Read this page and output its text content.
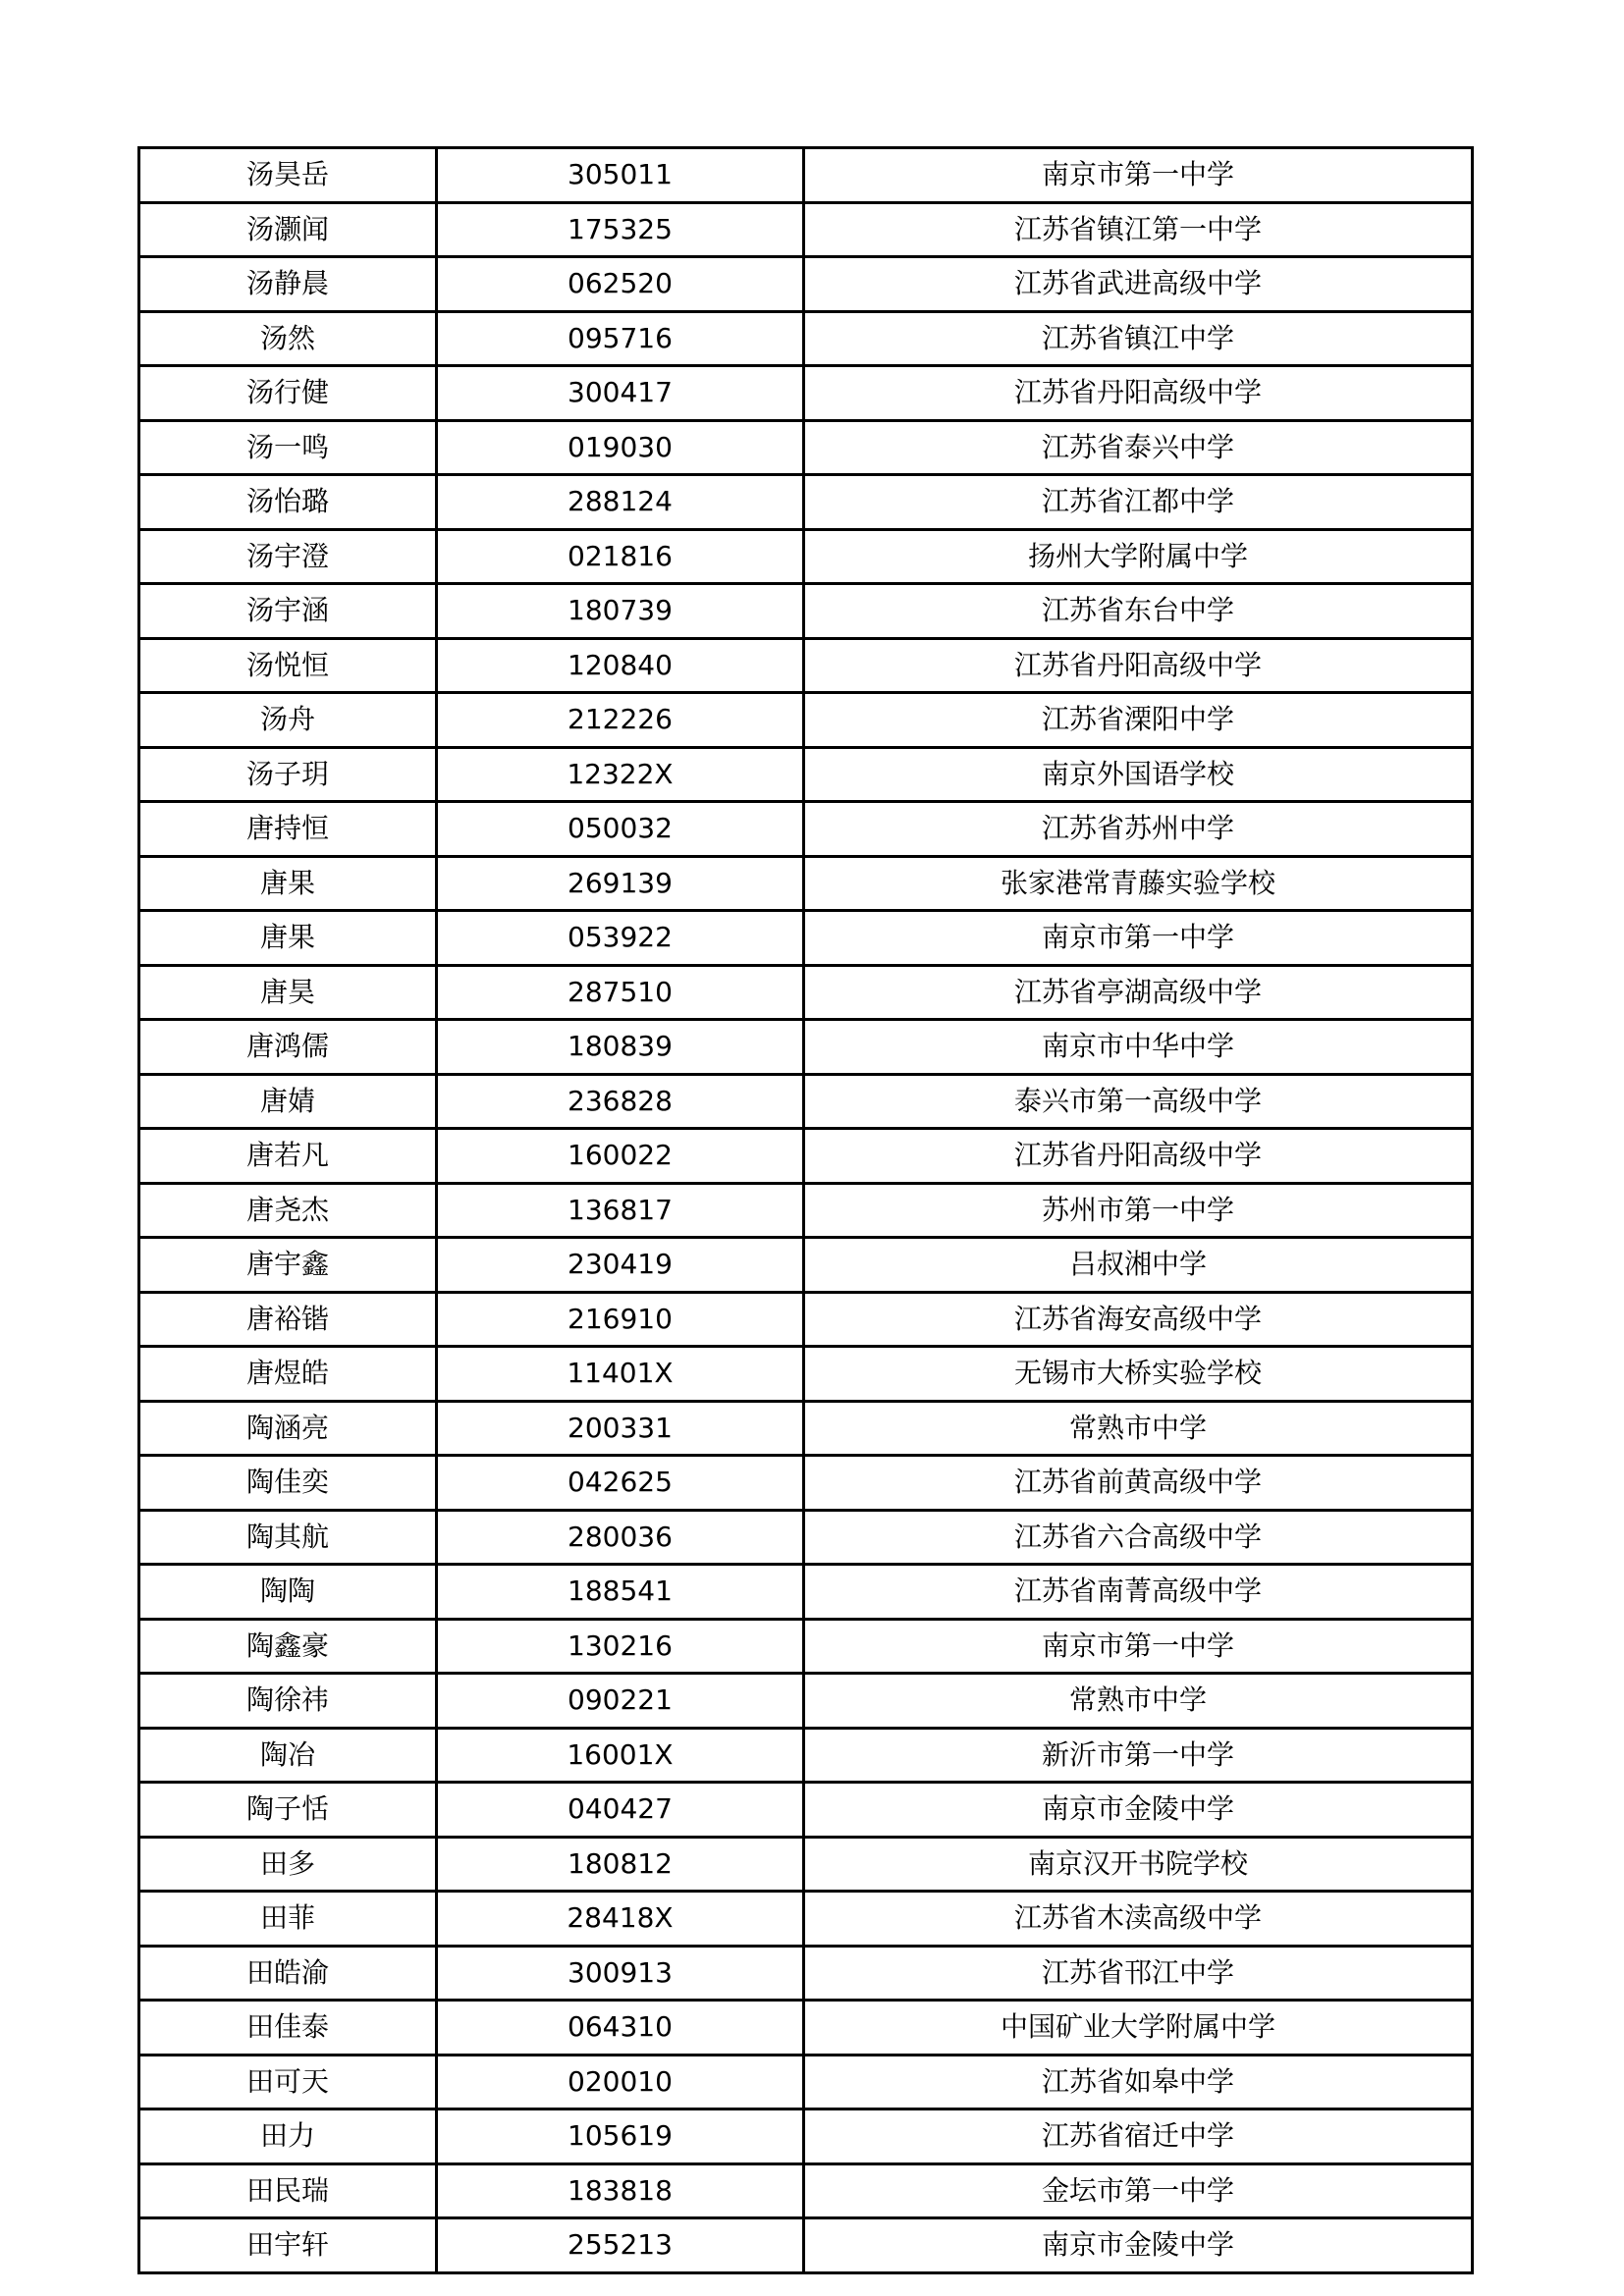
汤昊岳	305011	南京市第一中学
汤灏闻	175325	江苏省镇江第一中学
汤静晨	062520	江苏省武进高级中学
汤然	095716	江苏省镇江中学
汤行健	300417	江苏省丹阳高级中学
汤一鸣	019030	江苏省泰兴中学
汤怡璐	288124	江苏省江都中学
汤宇澄	021816	扬州大学附属中学
汤宇涵	180739	江苏省东台中学
汤悦恒	120840	江苏省丹阳高级中学
汤舟	212226	江苏省溧阳中学
汤子玥	12322X	南京外国语学校
唐持恒	050032	江苏省苏州中学
唐果	269139	张家港常青藤实验学校
唐果	053922	南京市第一中学
唐昊	287510	江苏省亭湖高级中学
唐鸿儒	180839	南京市中华中学
唐婧	236828	泰兴市第一高级中学
唐若凡	160022	江苏省丹阳高级中学
唐尧杰	136817	苏州市第一中学
唐宇鑫	230419	吕叔湘中学
唐裕锴	216910	江苏省海安高级中学
唐煜皓	11401X	无锡市大桥实验学校
陶涵亮	200331	常熟市中学
陶佳奕	042625	江苏省前黄高级中学
陶其航	280036	江苏省六合高级中学
陶陶	188541	江苏省南菁高级中学
陶鑫豪	130216	南京市第一中学
陶徐祎	090221	常熟市中学
陶冶	16001X	新沂市第一中学
陶子恬	040427	南京市金陵中学
田多	180812	南京汉开书院学校
田菲	28418X	江苏省木渎高级中学
田皓渝	300913	江苏省邗江中学
田佳泰	064310	中国矿业大学附属中学
田可天	020010	江苏省如皋中学
田力	105619	江苏省宿迁中学
田民瑞	183818	金坛市第一中学
田宇轩	255213	南京市金陵中学
